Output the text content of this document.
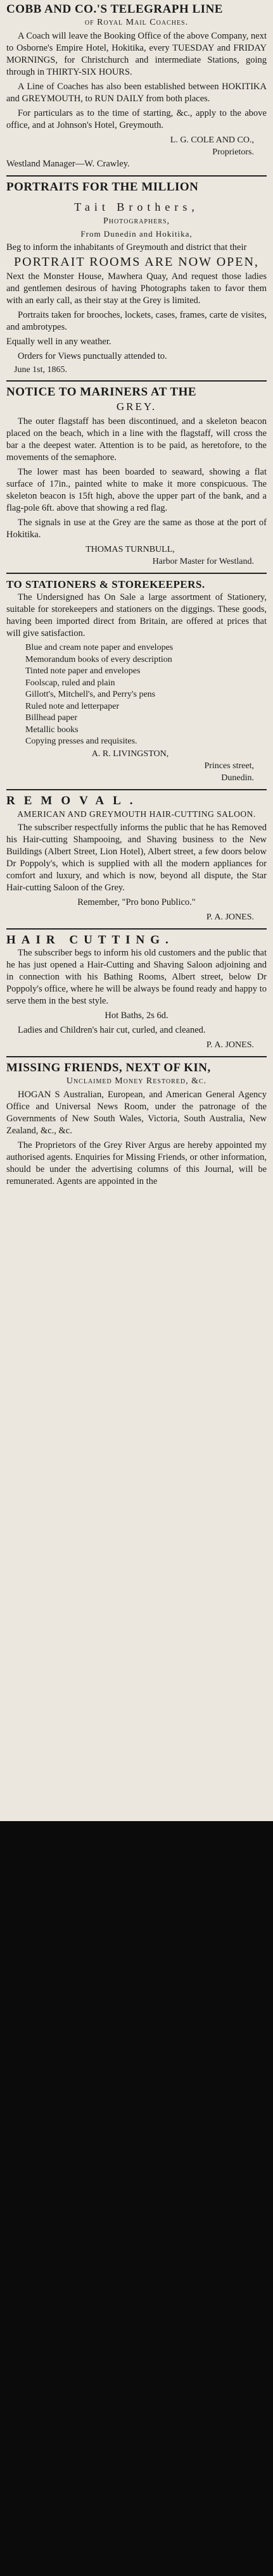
COBB AND CO.'S TELEGRAPH LINE
of Royal Mail Coaches.

A Coach will leave the Booking Office of the above Company, next to Osborne's Empire Hotel, Hokitika, every TUESDAY and FRIDAY MORNINGS, for Christchurch and intermediate Stations, going through in THIRTY-SIX HOURS.

A Line of Coaches has also been established between HOKITIKA and GREYMOUTH, to RUN DAILY from both places.

For particulars as to the time of starting, &c., apply to the above office, and at Johnson's Hotel, Greymouth.

L. G. COLE AND CO.,
Proprietors.

Westland Manager—W. Crawley.

PORTRAITS FOR THE MILLION
Tait Brothers,
Photographers,
From Dunedin and Hokitika,

Beg to inform the inhabitants of Greymouth and district that their

PORTRAIT ROOMS ARE NOW OPEN,

Next the Monster House, Mawhera Quay, And request those ladies and gentlemen desirous of having Photographs taken to favor them with an early call, as their stay at the Grey is limited.

Portraits taken for brooches, lockets, cases, frames, carte de visites, and ambrotypes.

Equally well in any weather.

Orders for Views punctually attended to.

June 1st, 1865.
NOTICE TO MARINERS AT THE
GREY.

The outer flagstaff has been discontinued, and a skeleton beacon placed on the beach, which in a line with the flagstaff, will cross the bar a the deepest water. Attention is to be paid, as heretofore, to the movements of the semaphore.

The lower mast has been boarded to seaward, showing a flat surface of 17in., painted white to make it more conspicuous. The skeleton beacon is 15ft high, above the upper part of the bank, and a flag-pole 6ft. above that showing a red flag.

The signals in use at the Grey are the same as those at the port of Hokitika.

THOMAS TURNBULL,
Harbor Master for Westland.
TO STATIONERS & STOREKEEPERS.

The Undersigned has On Sale a large assortment of Stationery, suitable for storekeepers and stationers on the diggings. These goods, having been imported direct from Britain, are offered at prices that will give satisfaction.

Blue and cream note paper and envelopes
Memorandum books of every description
Tinted note paper and envelopes
Foolscap, ruled and plain
Gillott's, Mitchell's, and Perry's pens
Ruled note and letterpaper
Billhead paper
Metallic books
Copying presses and requisites.
A. R. LIVINGSTON,
Princes street,
Dunedin.
REMOVAL.
AMERICAN AND GREYMOUTH HAIR-CUTTING SALOON.

The subscriber respectfully informs the public that he has Removed his Hair-cutting Shampooing, and Shaving business to the New Buildings (Albert Street, Lion Hotel), Albert street, a few doors below Dr Poppoly's, which is supplied with all the modern appliances for comfort and luxury, and which is now, beyond all dispute, the Star Hair-cutting Saloon of the Grey.

Remember, "Pro bono Publico."

P. A. JONES.
HAIR CUTTING.

The subscriber begs to inform his old customers and the public that he has just opened a Hair-Cutting and Shaving Saloon adjoining and in connection with his Bathing Rooms, Albert street, below Dr Poppoly's office, where he will be always be found ready and happy to serve them in the best style.

Hot Baths, 2s 6d.

Ladies and Children's hair cut, curled, and cleaned.

P. A. JONES.
MISSING FRIENDS, NEXT OF KIN,
Unclaimed Money Restored, &c.

HOGAN S Australian, European, and American General Agency Office and Universal News Room, under the patronage of the Governments of New South Wales, Victoria, South Australia, New Zealand, &c., &c.

The Proprietors of the Grey River Argus are hereby appointed my authorised agents. Enquiries for Missing Friends, or other information, should be under the advertising columns of this Journal, will be remunerated. Agents are appointed in the
